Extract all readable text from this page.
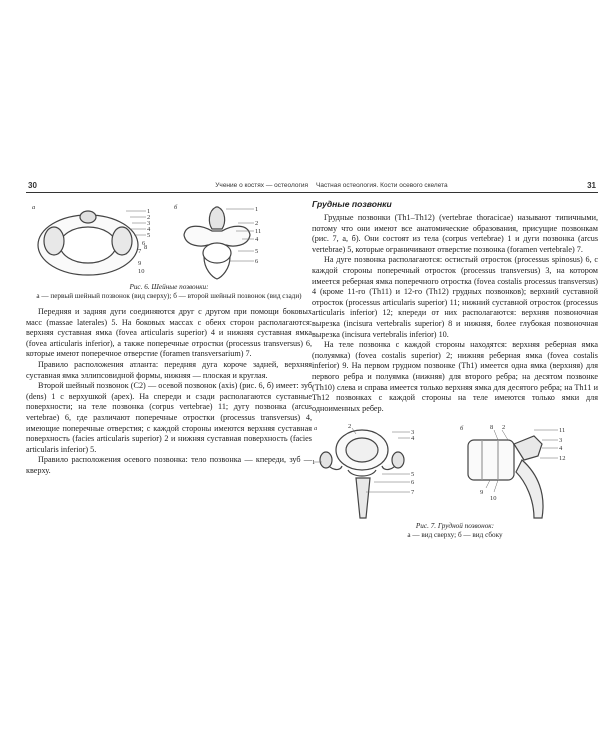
30	Учение о костях — остеология
а	б
1
2
3
4
5
6
7
8
9
10
1
2
11
4
5
6
Рис. 6. Шейные позвонки:
а — первый шейный позвонок (вид сверху); б — второй шейный позвонок (вид сзади)

Передняя и задняя дуги соединяются друг с другом при помощи боковых масс (massae laterales) 5. На боковых массах с обеих сторон располагаются: верхняя суставная ямка (fovea articularis superior) 4 и нижняя суставная ямка (fovea articularis inferior), а также поперечные отростки (processus transversus) 6, которые имеют поперечное отверстие (foramen transversarium) 7.

Правило расположения атланта: передняя дуга короче задней, верхняя суставная ямка эллипсовидной формы, нижняя — плоская и круглая.

Второй шейный позвонок (C2) — осевой позвонок (axis) (рис. 6, б) имеет: зуб (dens) 1 с верхушкой (apex). На спереди и сзади располагаются суставные поверхности; на теле позвонка (corpus vertebrae) 11; дугу позвонка (arcus vertebrae) 6, где различают поперечные отростки (processus transversus) 4, имеющие поперечные отверстия; с каждой стороны имеются верхняя суставная поверхность (facies articularis superior) 2 и нижняя суставная поверхность (facies articularis inferior) 5.

Правило расположения осевого позвонка: тело позвонка — кпереди, зуб — кверху.

Частная остеология. Кости осевого скелета	31
Грудные позвонки

Грудные позвонки (Th1–Th12) (vertebrae thoracicae) называют типичными, потому что они имеют все анатомические образования, присущие позвонкам (рис. 7, а, б). Они состоят из тела (corpus vertebrae) 1 и дуги позвонка (arcus vertebrae) 5, которые ограничивают отверстие позвонка (foramen vertebrale) 7.

На дуге позвонка располагаются: остистый отросток (processus spinosus) 6, с каждой стороны поперечный отросток (processus transversus) 3, на котором имеется реберная ямка поперечного отростка (fovea costalis processus transversus) 4 (кроме 11-го (Th11) и 12-го (Th12) грудных позвонков); верхний суставной отросток (processus articularis superior) 11; нижний суставной отросток (processus articularis inferior) 12; кпереди от них располагаются: верхняя позвоночная вырезка (incisura vertebralis superior) 8 и нижняя, более глубокая позвоночная вырезка (incisura vertebralis inferior) 10.

На теле позвонка с каждой стороны находятся: верхняя реберная ямка (полуямка) (fovea costalis superior) 2; нижняя реберная ямка (fovea costalis inferior) 9. На первом грудном позвонке (Th1) имеется одна ямка (верхняя) для первого ребра и полуямка (нижняя) для второго ребра; на десятом позвонке (Th10) слева и справа имеется только верхняя ямка для десятого ребра; на Th11 и Th12 позвонках с каждой стороны на теле имеются только ямки для одноименных ребер.

а	б
2
3
4
1
5
6
7
8 2	11
3
4
12
9
10
Рис. 7. Грудной позвонок:
а — вид сверху; б — вид сбоку
